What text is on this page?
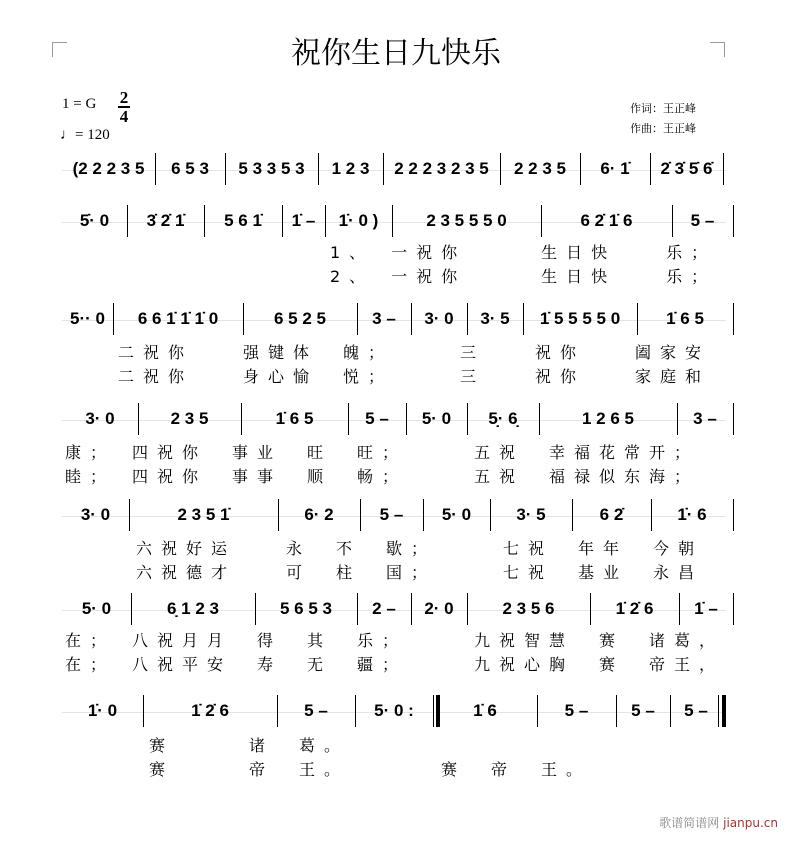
祝你生日九快乐
1 = G 2
4
♩= 120
作词：王正峰
作曲：王正峰
(2 2 2 3 5	6 5 3	5 3 3 5 3	1 2 3	2 2 2 3 2 3 5	2 2 3 5	6· 1̇	2̇ 3̇ 5̇ 6̇
5̇· 0	3̇ 2̇ 1̇	5 6 1̇	1̇ –	1̇· 0 )	2 3 5 5 5 0	6 2̇ 1̇ 6	5 –
1、　一祝你　　　生日快　　乐；
2、　一祝你　　　生日快　　乐；
5·· 0	6 6 1̇ 1̇ 1̇ 0	6 5 2 5	3 –	3· 0	3· 5	1̇ 5 5 5 5 0	1̇ 6 5
二祝你　　强键体　魄；　　　三　　祝你　　阖家安
二祝你　　身心愉　悦；　　　三　　祝你　　家庭和
3· 0	2 3 5	1̇ 6 5	5 –	5· 0	5̣· 6̣	1 2 6 5	3 –
康；　四祝你　事业　旺　旺；　　　五祝　幸福花常开；
睦；　四祝你　事事　顺　畅；　　　五祝　福禄似东海；
3· 0	2 3 5 1̇	6· 2	5 –	5· 0	3· 5	6 2̇	1̇· 6
六祝好运　　永　不　歇；　　　七祝　年年　今朝
六祝德才　　可　柱　国；　　　七祝　基业　永昌
5· 0	6̣ 1 2 3	5 6 5 3	2 –	2· 0	2 3 5 6	1̇ 2̇ 6	1̇ –
在；　八祝月月　得　其　乐；　　　九祝智慧　赛　诸葛，
在；　八祝平安　寿　无　疆；　　　九祝心胸　赛　帝王，
1̇· 0	1̇ 2̇ 6	5 –	5· 0 :	1̇ 6	5 –	5 –	5 –
赛　　　诸　葛。
赛　　　帝　王。　　　　赛　帝　王。
歌谱简谱网 jianpu.cn
